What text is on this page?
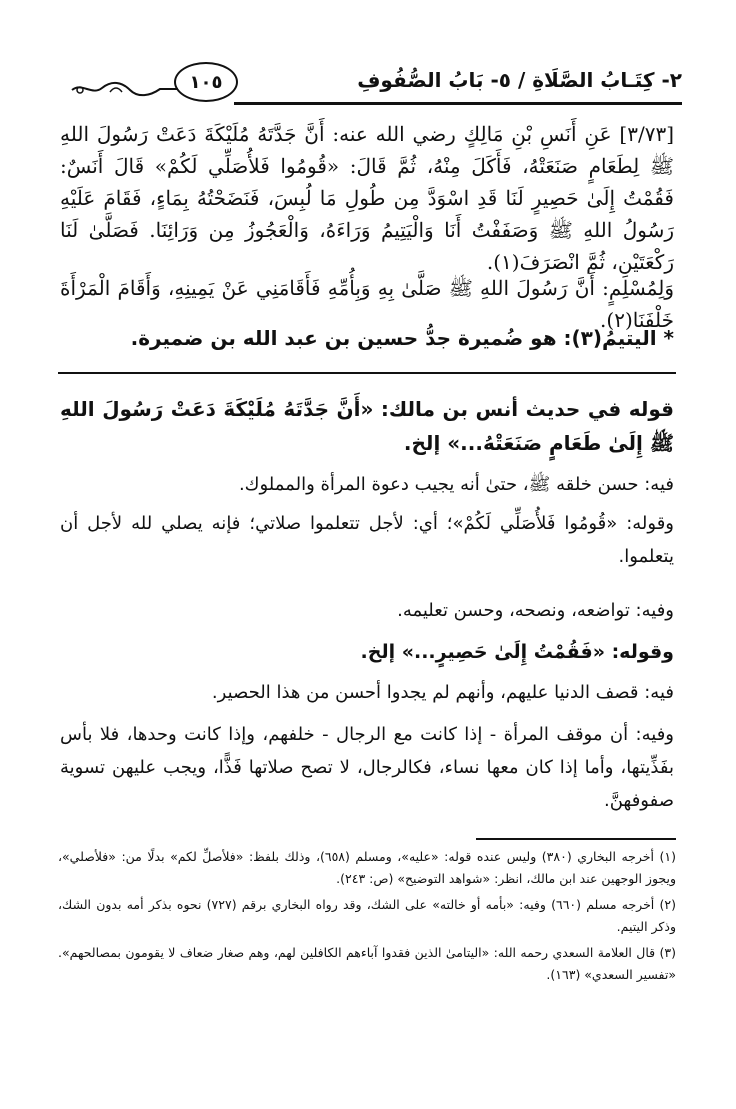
٢- كِتَـابُ الصَّلَاةِ / ٥- بَابُ الصُّفُوفِ
١٠٥

[٣/٧٣] عَنِ أَنَسِ بْنِ مَالِكٍ رضي الله عنه: أَنَّ جَدَّتَهُ مُلَيْكَةَ دَعَتْ رَسُولَ اللهِ ﷺ لِطَعَامٍ صَنَعَتْهُ، فَأَكَلَ مِنْهُ، ثُمَّ قَالَ: «قُومُوا فَلأُصَلِّي لَكُمْ» قَالَ أَنَسٌ: فَقُمْتُ إِلَىٰ حَصِيرٍ لَنَا قَدِ اسْوَدَّ مِن طُولِ مَا لُبِسَ، فَنَضَحْتُهُ بِمَاءٍ، فَقَامَ عَلَيْهِ رَسُولُ اللهِ ﷺ وَصَفَفْتُ أَنَا وَالْيَتِيمُ وَرَاءَهُ، وَالْعَجُوزُ مِن وَرَائِنَا. فَصَلَّىٰ لَنَا رَكْعَتَيْنِ، ثُمَّ انْصَرَفَ(١).

وَلِمُسْلِمٍ: أَنَّ رَسُولَ اللهِ ﷺ صَلَّىٰ بِهِ وَبِأُمِّهِ فَأَقَامَنِي عَنْ يَمِينِهِ، وَأَقَامَ الْمَرْأَةَ خَلْفَنَا(٢).

* اليتيمُ(٣): هو ضُميرة جدُّ حسين بن عبد الله بن ضميرة.

قوله في حديث أنس بن مالك: «أَنَّ جَدَّتَهُ مُلَيْكَةَ دَعَتْ رَسُولَ اللهِ ﷺ إِلَىٰ طَعَامٍ صَنَعَتْهُ...» إلخ.

فيه: حسن خلقه ﷺ، حتىٰ أنه يجيب دعوة المرأة والمملوك.

وقوله: «قُومُوا فَلأُصَلِّي لَكُمْ»؛ أي: لأجل تتعلموا صلاتي؛ فإنه يصلي لله لأجل أن يتعلموا.

وفيه: تواضعه، ونصحه، وحسن تعليمه.

وقوله: «فَقُمْتُ إِلَىٰ حَصِيرٍ...» إلخ.

فيه: قصف الدنيا عليهم، وأنهم لم يجدوا أحسن من هذا الحصير.

وفيه: أن موقف المرأة - إذا كانت مع الرجال - خلفهم، وإذا كانت وحدها، فلا بأس بفَذِّيتها، وأما إذا كان معها نساء، فكالرجال، لا تصح صلاتها فَذًّا، ويجب عليهن تسوية صفوفهنَّ.

(١) أخرجه البخاري (٣٨٠) وليس عنده قوله: «عليه»، ومسلم (٦٥٨)، وذلك بلفظ: «فلأصلِّ لكم» بدلًا من: «فلأصلي»، ويجوز الوجهين عند ابن مالك، انظر: «شواهد التوضيح» (ص: ٢٤٣).
(٢) أخرجه مسلم (٦٦٠) وفيه: «بأمه أو خالته» على الشك، وقد رواه البخاري برقم (٧٢٧) نحوه بذكر أمه بدون الشك، وذكر اليتيم.
(٣) قال العلامة السعدي رحمه الله: «اليتامىٰ الذين فقدوا آباءهم الكافلين لهم، وهم صغار ضعاف لا يقومون بمصالحهم». «تفسير السعدي» (١٦٣).
